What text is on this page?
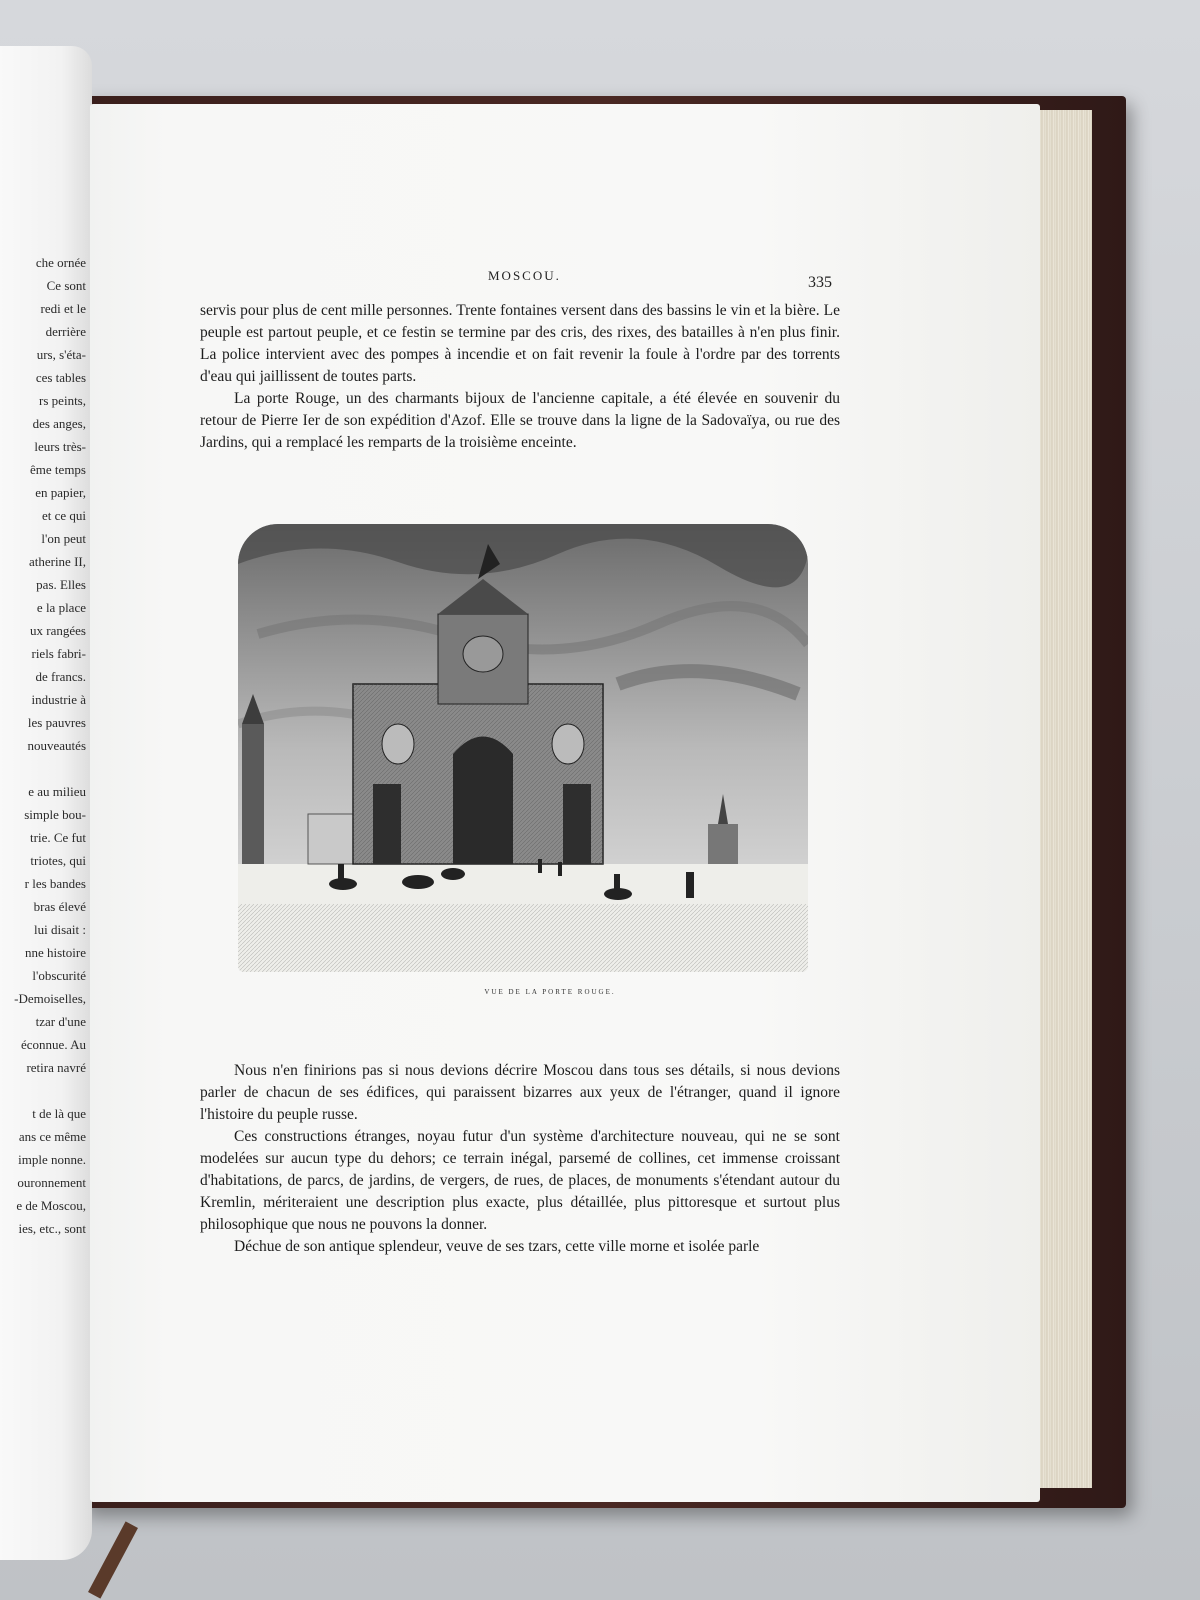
che ornée
Ce sont
redi et le
derrière
urs, s'éta-
ces tables
rs peints,
des anges,
leurs très-
ême temps
en papier,
et ce qui
l'on peut
atherine II,
pas. Elles
e la place
ux rangées
riels fabri-
de francs.
industrie à
les pauvres
nouveautés
e au milieu
simple bou-
trie. Ce fut
triotes, qui
r les bandes
bras élevé
lui disait :
nne histoire
l'obscurité
-Demoiselles,
tzar d'une
éconnue. Au
retira navré
t de là que
ans ce même
imple nonne.
ouronnement
e de Moscou,
ies, etc., sont
MOSCOU.	335

servis pour plus de cent mille personnes. Trente fontaines versent dans des bassins le vin et la bière. Le peuple est partout peuple, et ce festin se termine par des cris, des rixes, des batailles à n'en plus finir. La police intervient avec des pompes à incendie et on fait revenir la foule à l'ordre par des torrents d'eau qui jaillissent de toutes parts.

La porte Rouge, un des charmants bijoux de l'ancienne capitale, a été élevée en souvenir du retour de Pierre Ier de son expédition d'Azof. Elle se trouve dans la ligne de la Sadovaïya, ou rue des Jardins, qui a remplacé les remparts de la troisième enceinte.

VUE DE LA PORTE ROUGE.

Nous n'en finirions pas si nous devions décrire Moscou dans tous ses détails, si nous devions parler de chacun de ses édifices, qui paraissent bizarres aux yeux de l'étranger, quand il ignore l'histoire du peuple russe.

Ces constructions étranges, noyau futur d'un système d'architecture nouveau, qui ne se sont modelées sur aucun type du dehors; ce terrain inégal, parsemé de collines, cet immense croissant d'habitations, de parcs, de jardins, de vergers, de rues, de places, de monuments s'étendant autour du Kremlin, mériteraient une description plus exacte, plus détaillée, plus pittoresque et surtout plus philosophique que nous ne pouvons la donner.

Déchue de son antique splendeur, veuve de ses tzars, cette ville morne et isolée parle
